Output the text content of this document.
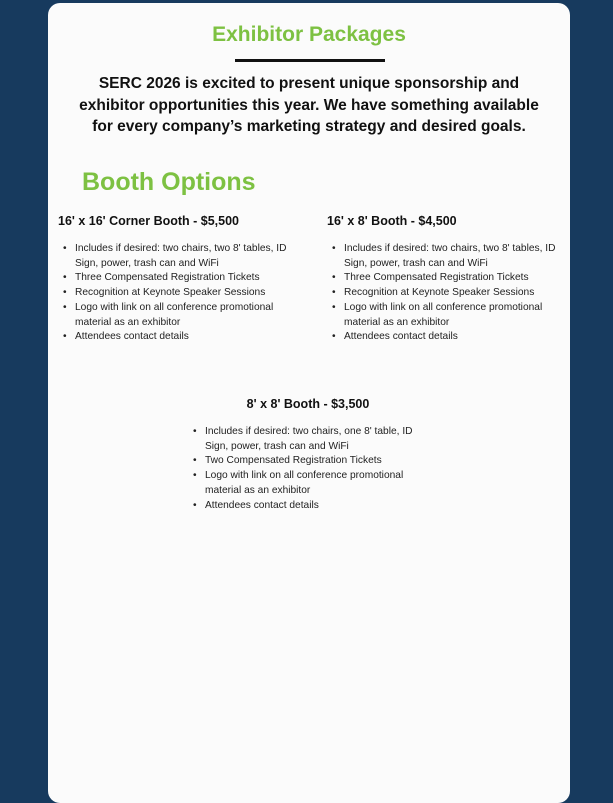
Exhibitor Packages
SERC 2026 is excited to present unique sponsorship and exhibitor opportunities this year. We have something available for every company’s marketing strategy and desired goals.
Booth Options
16' x 16' Corner Booth - $5,500
• Includes if desired: two chairs, two 8' tables, ID Sign, power, trash can and WiFi
• Three Compensated Registration Tickets
• Recognition at Keynote Speaker Sessions
• Logo with link on all conference promotional material as an exhibitor
• Attendees contact details
16' x 8' Booth - $4,500
• Includes if desired: two chairs, two 8' tables, ID Sign, power, trash can and WiFi
• Three Compensated Registration Tickets
• Recognition at Keynote Speaker Sessions
• Logo with link on all conference promotional material as an exhibitor
• Attendees contact details
8' x 8' Booth - $3,500
• Includes if desired: two chairs, one 8' table, ID Sign, power, trash can and WiFi
• Two Compensated Registration Tickets
• Logo with link on all conference promotional material as an exhibitor
• Attendees contact details
